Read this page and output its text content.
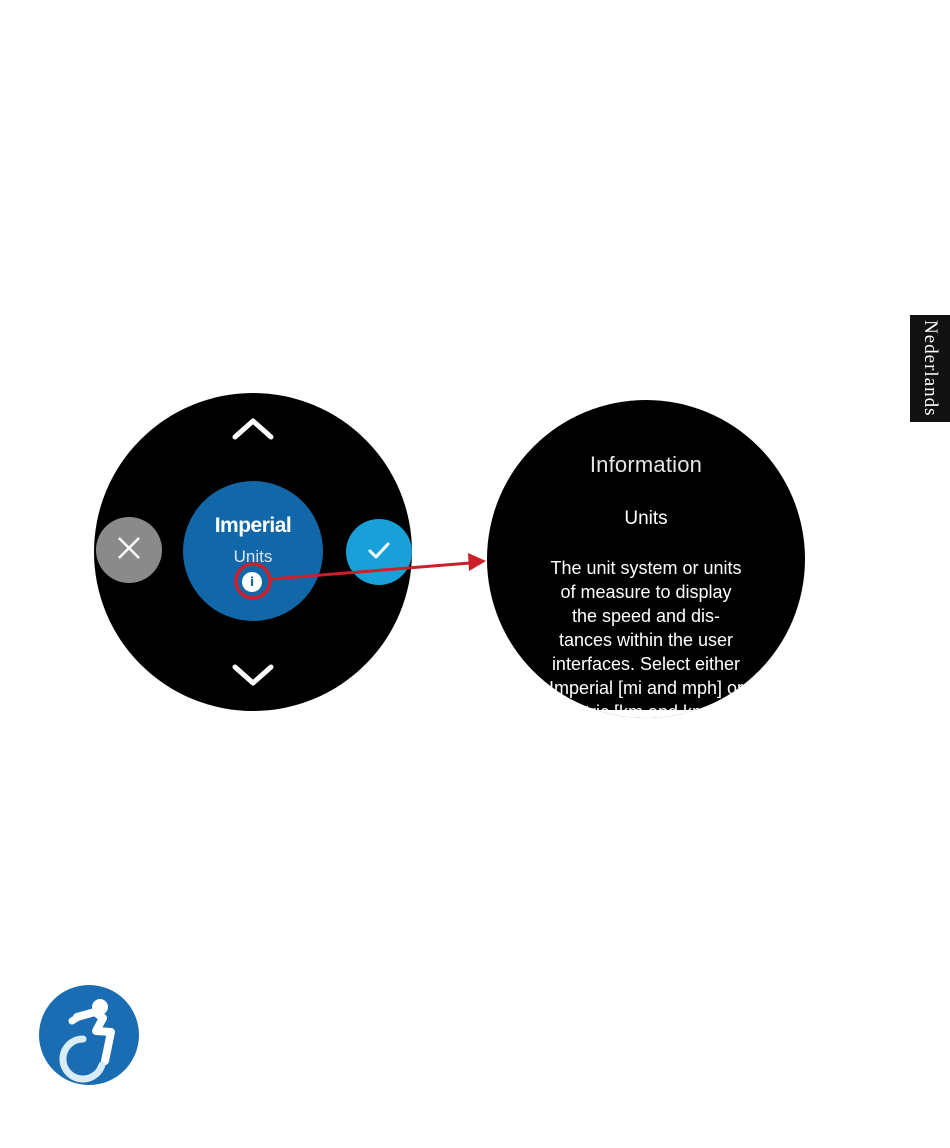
Nederlands
Imperial
Units
i
Information
Units
The unit system or units
of measure to display
the speed and dis-
tances within the user
interfaces. Select either
Imperial [mi and mph] or
